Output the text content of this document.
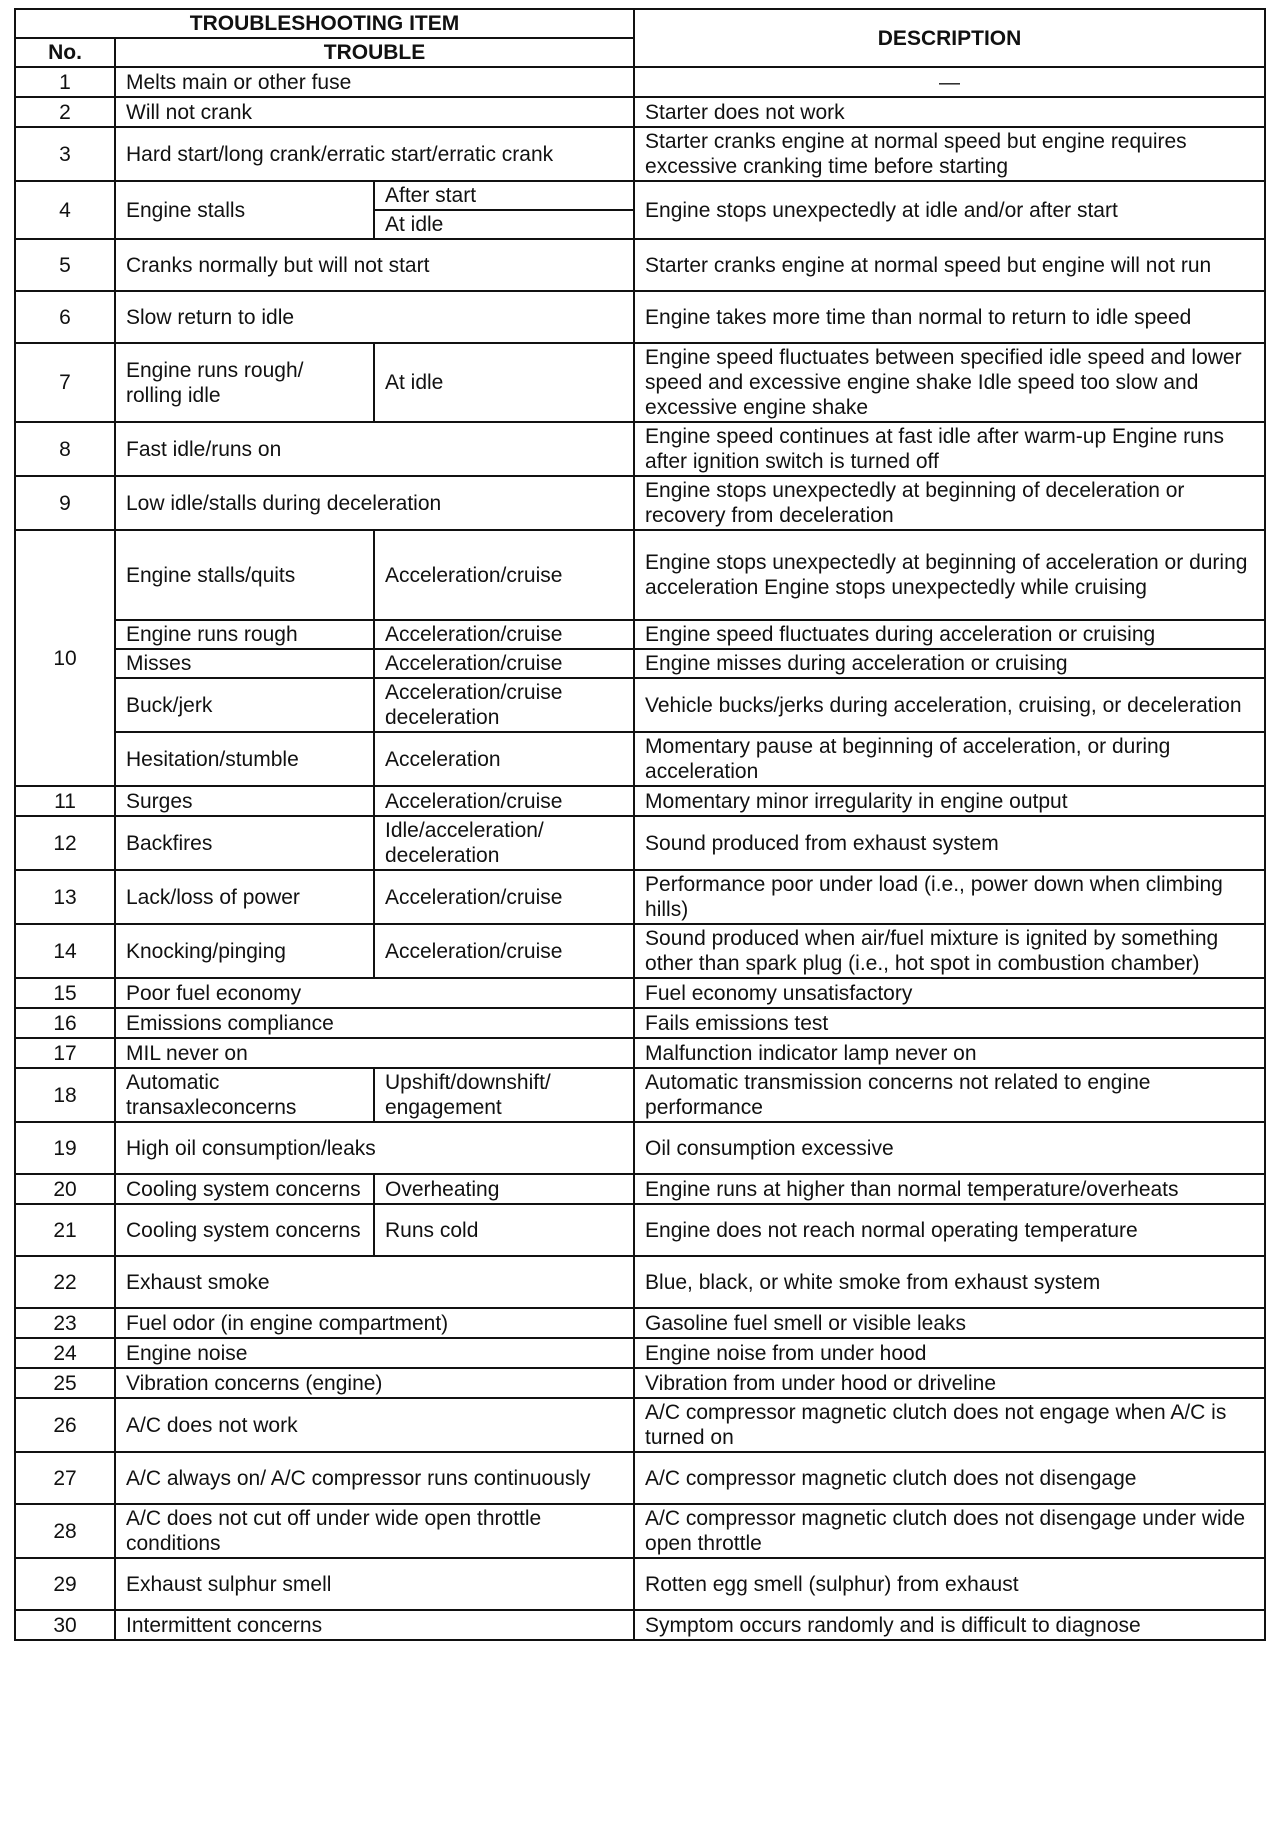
TROUBLESHOOTING ITEM			DESCRIPTION
No.	TROUBLE		
1	Melts main or other fuse		—
2	Will not crank		Starter does not work
3	Hard start/long crank/erratic start/erratic crank		Starter cranks engine at normal speed but engine requires excessive cranking time before starting
4	Engine stalls	After start	Engine stops unexpectedly at idle and/or after start
		At idle	
5	Cranks normally but will not start		Starter cranks engine at normal speed but engine will not run
6	Slow return to idle		Engine takes more time than normal to return to idle speed
7	Engine runs rough/ rolling idle	At idle	Engine speed fluctuates between specified idle speed and lower speed and excessive engine shake Idle speed too slow and excessive engine shake
8	Fast idle/runs on		Engine speed continues at fast idle after warm-up Engine runs after ignition switch is turned off
9	Low idle/stalls during deceleration		Engine stops unexpectedly at beginning of deceleration or recovery from deceleration
10	Engine stalls/quits	Acceleration/cruise	Engine stops unexpectedly at beginning of acceleration or during acceleration Engine stops unexpectedly while cruising
	Engine runs rough	Acceleration/cruise	Engine speed fluctuates during acceleration or cruising
	Misses	Acceleration/cruise	Engine misses during acceleration or cruising
	Buck/jerk	Acceleration/cruise deceleration	Vehicle bucks/jerks during acceleration, cruising, or deceleration
	Hesitation/stumble	Acceleration	Momentary pause at beginning of acceleration, or during acceleration
11	Surges	Acceleration/cruise	Momentary minor irregularity in engine output
12	Backfires	Idle/acceleration/ deceleration	Sound produced from exhaust system
13	Lack/loss of power	Acceleration/cruise	Performance poor under load (i.e., power down when climbing hills)
14	Knocking/pinging	Acceleration/cruise	Sound produced when air/fuel mixture is ignited by something other than spark plug (i.e., hot spot in combustion chamber)
15	Poor fuel economy		Fuel economy unsatisfactory
16	Emissions compliance		Fails emissions test
17	MIL never on		Malfunction indicator lamp never on
18	Automatic transaxleconcerns	Upshift/downshift/ engagement	Automatic transmission concerns not related to engine performance
19	High oil consumption/leaks		Oil consumption excessive
20	Cooling system concerns	Overheating	Engine runs at higher than normal temperature/overheats
21	Cooling system concerns	Runs cold	Engine does not reach normal operating temperature
22	Exhaust smoke		Blue, black, or white smoke from exhaust system
23	Fuel odor (in engine compartment)		Gasoline fuel smell or visible leaks
24	Engine noise		Engine noise from under hood
25	Vibration concerns (engine)		Vibration from under hood or driveline
26	A/C does not work		A/C compressor magnetic clutch does not engage when A/C is turned on
27	A/C always on/ A/C compressor runs continuously		A/C compressor magnetic clutch does not disengage
28	A/C does not cut off under wide open throttle conditions		A/C compressor magnetic clutch does not disengage under wide open throttle
29	Exhaust sulphur smell		Rotten egg smell (sulphur) from exhaust
30	Intermittent concerns		Symptom occurs randomly and is difficult to diagnose
